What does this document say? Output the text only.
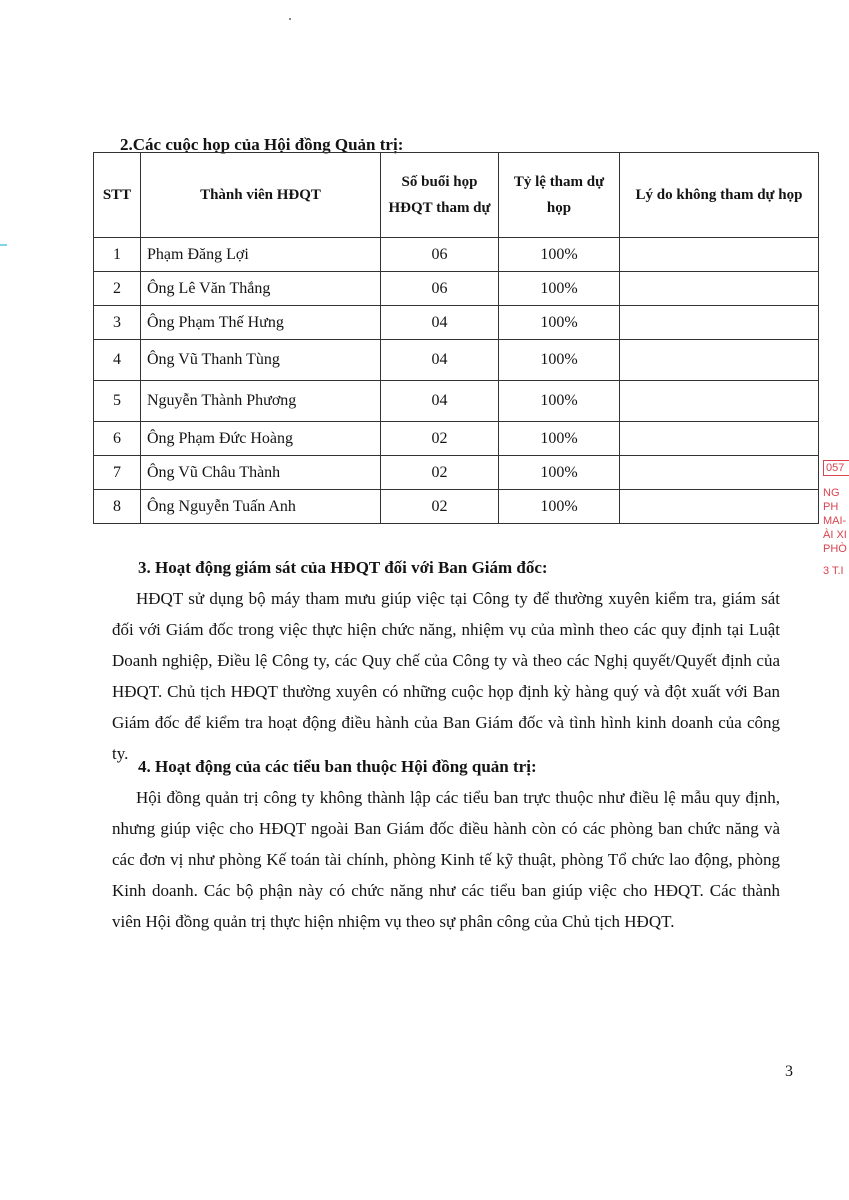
2.Các cuộc họp của Hội đồng Quản trị:
STT	Thành viên HĐQT	Số buổi họp HĐQT tham dự	Tỷ lệ tham dự họp	Lý do không tham dự họp
1	Phạm Đăng Lợi	06	100%	
2	Ông Lê Văn Thắng	06	100%	
3	Ông Phạm Thế Hưng	04	100%	
4	Ông Vũ Thanh Tùng	04	100%	
5	Nguyễn Thành Phương	04	100%	
6	Ông Phạm Đức Hoàng	02	100%	
7	Ông Vũ Châu Thành	02	100%	
8	Ông Nguyễn Tuấn Anh	02	100%	
3. Hoạt động giám sát của HĐQT đối với Ban Giám đốc:
HĐQT sử dụng bộ máy tham mưu giúp việc tại Công ty để thường xuyên kiểm tra, giám sát đối với Giám đốc trong việc thực hiện chức năng, nhiệm vụ của mình theo các quy định tại Luật Doanh nghiệp, Điều lệ Công ty, các Quy chế của Công ty và theo các Nghị quyết/Quyết định của HĐQT. Chủ tịch HĐQT thường xuyên có những cuộc họp định kỳ hàng quý và đột xuất với Ban Giám đốc để kiểm tra hoạt động điều hành của Ban Giám đốc và tình hình kinh doanh của công ty.
4. Hoạt động của các tiểu ban thuộc Hội đồng quản trị:
Hội đồng quản trị công ty không thành lập các tiểu ban trực thuộc như điều lệ mẫu quy định, nhưng giúp việc cho HĐQT ngoài Ban Giám đốc điều hành còn có các phòng ban chức năng và các đơn vị như phòng Kế toán tài chính, phòng Kinh tế kỹ thuật, phòng Tổ chức lao động, phòng Kinh doanh. Các bộ phận này có chức năng như các tiểu ban giúp việc cho HĐQT. Các thành viên Hội đồng quản trị thực hiện nhiệm vụ theo sự phân công của Chủ tịch HĐQT.
3
057
NG
PH
MAI-
ÀI XI
PHÒ
3 T.I
